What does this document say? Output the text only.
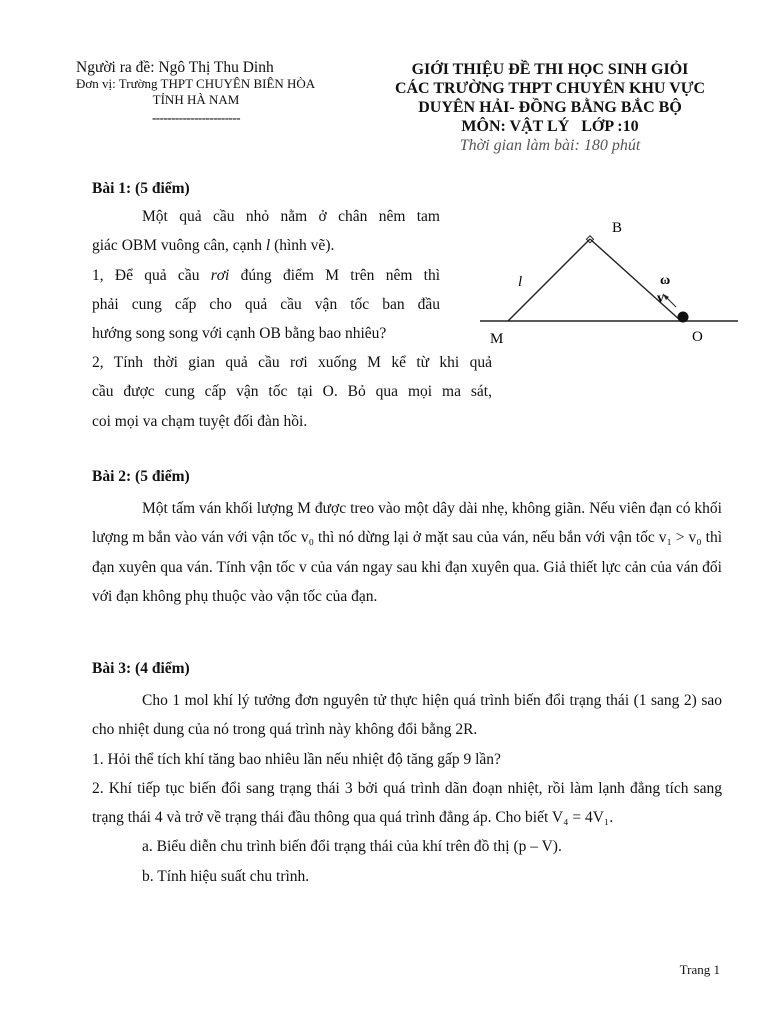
Người ra đề: Ngô Thị Thu Dinh
Đơn vị: Trường THPT CHUYÊN BIÊN HÒA
TỈNH HÀ NAM
-----------------------
GIỚI THIỆU ĐỀ THI HỌC SINH GIỎI
CÁC TRƯỜNG THPT CHUYÊN KHU VỰC
DUYÊN HẢI- ĐỒNG BẰNG BẮC BỘ
MÔN: VẬT LÝ   LỚP :10
Thời gian làm bài: 180 phút
Bài 1: (5 điểm)
Một quả cầu nhỏ nằm ở chân nêm tam
giác OBM vuông cân, cạnh l (hình vẽ).
1, Để quả cầu rơi đúng điểm M trên nêm thì
phải cung cấp cho quả cầu vận tốc ban đầu
hướng song song với cạnh OB bằng bao nhiêu?
2, Tính thời gian quả cầu rơi xuống M kể từ khi quả
cầu được cung cấp vận tốc tại O. Bỏ qua mọi ma sát,
coi mọi va chạm tuyệt đối đàn hồi.
B
M	O
l	ω
v
Bài 2: (5 điểm)
Một tấm ván khối lượng M được treo vào một dây dài nhẹ, không giãn. Nếu viên đạn có khối lượng m bắn vào ván với vận tốc v₀ thì nó dừng lại ở mặt sau của ván, nếu bắn với vận tốc v₁ > v₀ thì đạn xuyên qua ván. Tính vận tốc v của ván ngay sau khi đạn xuyên qua. Giả thiết lực cản của ván đối với đạn không phụ thuộc vào vận tốc của đạn.
Bài 3: (4 điểm)
Cho 1 mol khí lý tưởng đơn nguyên tử thực hiện quá trình biến đổi trạng thái (1 sang 2) sao cho nhiệt dung của nó trong quá trình này không đổi bằng 2R.
1. Hỏi thể tích khí tăng bao nhiêu lần nếu nhiệt độ tăng gấp 9 lần?
2. Khí tiếp tục biến đổi sang trạng thái 3 bởi quá trình dãn đoạn nhiệt, rồi làm lạnh đẳng tích sang trạng thái 4 và trở về trạng thái đầu thông qua quá trình đẳng áp. Cho biết V₄ = 4V₁.
a. Biểu diễn chu trình biến đổi trạng thái của khí trên đồ thị (p – V).
b. Tính hiệu suất chu trình.
Trang 1
